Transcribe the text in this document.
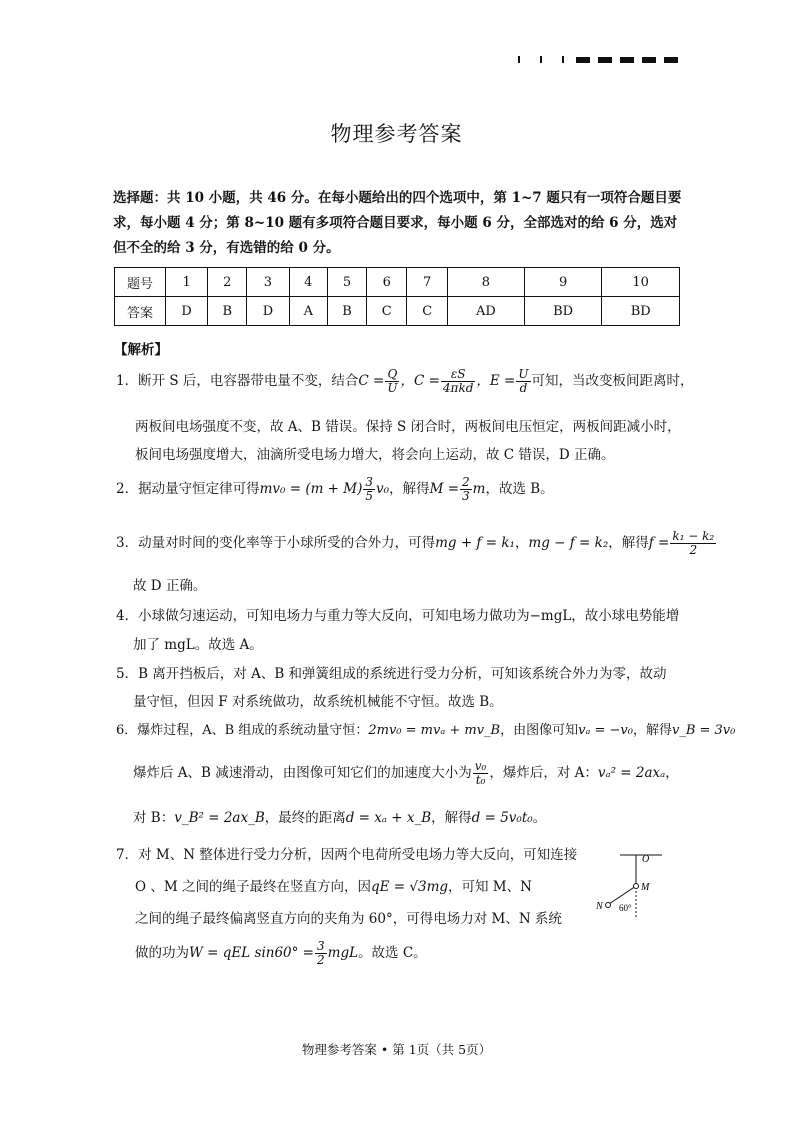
物理参考答案
选择题：共 10 小题，共 46 分。在每小题给出的四个选项中，第 1~7 题只有一项符合题目要
求，每小题 4 分；第 8~10 题有多项符合题目要求，每小题 6 分，全部选对的给 6 分，选对
但不全的给 3 分，有选错的给 0 分。
题号	1	2	3	4	5	6	7	8	9	10
答案	D	B	D	A	B	C	C	AD	BD	BD
【解析】
1．断开 S 后，电容器带电量不变，结合$C = \frac{Q}{U}$ ，$C = \frac{\varepsilon S}{\text{4πkd}}$ ，$E = \frac{U}{d}$ 可知，当改变板间距离时，
两板间电场强度不变，故 A、B 错误。保持 S 闭合时，两板间电压恒定，两板间距减小时，
板间电场强度增大，油滴所受电场力增大，将会向上运动，故 C 错误，D 正确。
2．据动量守恒定律可得$mv_0 = (m + M) \frac{3}{5} v_0$，解得$M = \frac{2}{3}$ m，故选 B。
3．动量对时间的变化率等于小球所受的合外力，可得mg + f = k₁，mg − f = k₂，解得$f = \frac{\text{k₁ − k₂}}{2}$
故 D 正确。
4．小球做匀速运动，可知电场力与重力等大反向，可知电场力做功为−mgL，故小球电势能增
加了 mgL。故选 A。
5．B 离开挡板后，对 A、B 和弹簧组成的系统进行受力分析，可知该系统合外力为零，故动
量守恒，但因 F 对系统做功，故系统机械能不守恒。故选 B。
6．爆炸过程，A、B 组成的系统动量守恒：2mv₀ = mvₐ + mv_B，由图像可知vₐ = −v₀，解得v_B = 3v₀
爆炸后 A、B 减速滑动，由图像可知它们的加速度大小为 $\frac{\text{v₀}}{\text{t₀}}$ ，爆炸后，对 A：vₐ² = 2axₐ，
对 B：v_B² = 2ax_B，最终的距离d = xₐ + x_B，解得d = 5v₀t₀。
7．对 M、N 整体进行受力分析，因两个电荷所受电场力等大反向，可知连接
O 、M 之间的绳子最终在竖直方向，因qE = √3mg，可知 M、N
之间的绳子最终偏离竖直方向的夹角为 60°，可得电场力对 M、N 系统
做的功为W = qEL $\sin 60^\circ = \frac{3}{2}$ mgL。故选 C。
O
M
N 60°
物理参考答案 • 第 1页（共 5页）
